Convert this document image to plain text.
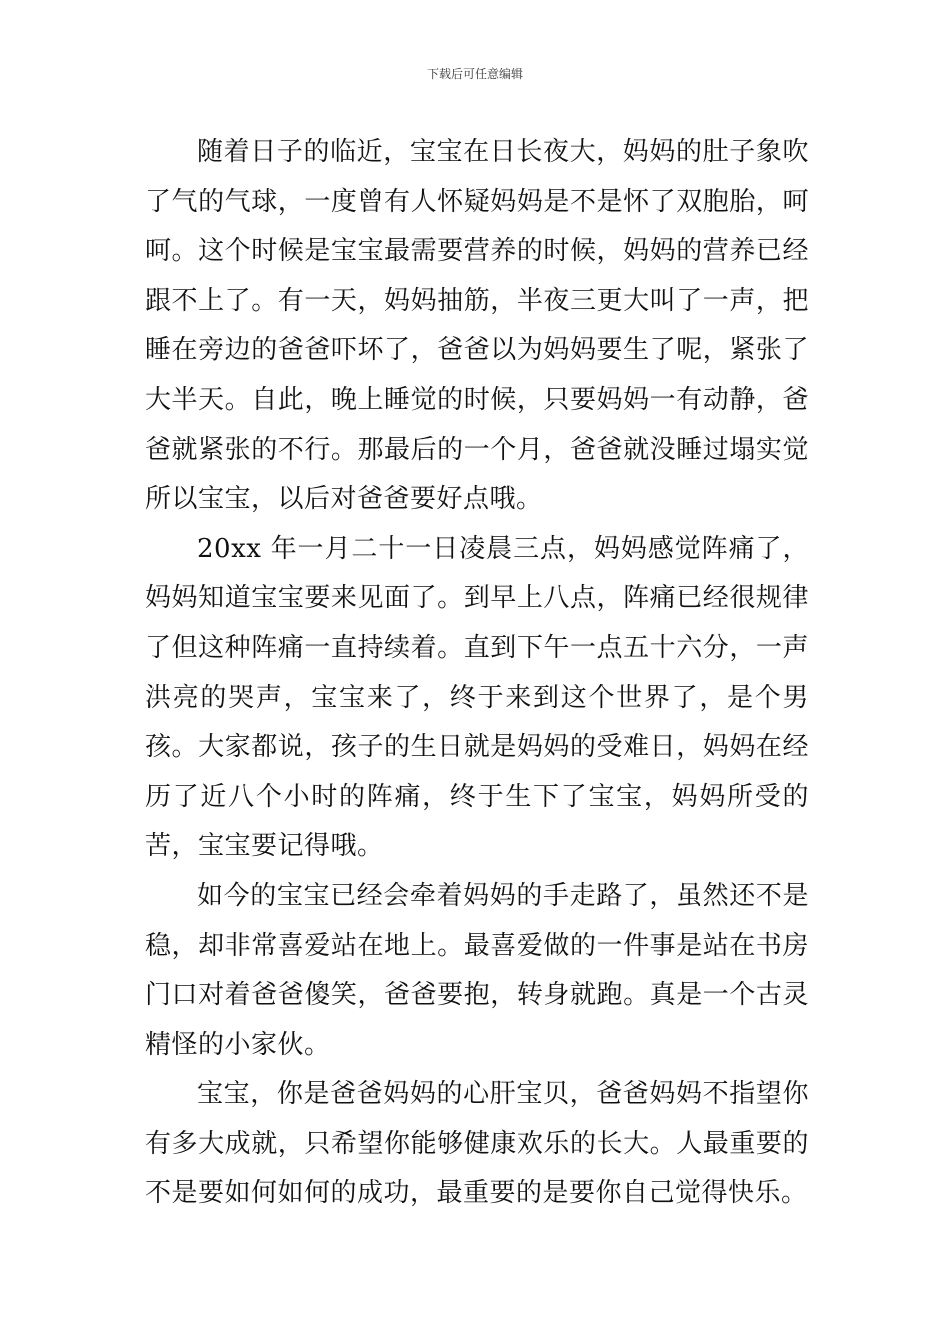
下载后可任意编辑

随着日子的临近，宝宝在日长夜大，妈妈的肚子象吹了气的气球，一度曾有人怀疑妈妈是不是怀了双胞胎，呵呵。这个时候是宝宝最需要营养的时候，妈妈的营养已经跟不上了。有一天，妈妈抽筋，半夜三更大叫了一声，把睡在旁边的爸爸吓坏了，爸爸以为妈妈要生了呢，紧张了大半天。自此，晚上睡觉的时候，只要妈妈一有动静，爸爸就紧张的不行。那最后的一个月，爸爸就没睡过塌实觉所以宝宝，以后对爸爸要好点哦。

20xx 年一月二十一日凌晨三点，妈妈感觉阵痛了，妈妈知道宝宝要来见面了。到早上八点，阵痛已经很规律了但这种阵痛一直持续着。直到下午一点五十六分，一声洪亮的哭声，宝宝来了，终于来到这个世界了，是个男孩。大家都说，孩子的生日就是妈妈的受难日，妈妈在经历了近八个小时的阵痛，终于生下了宝宝，妈妈所受的苦，宝宝要记得哦。

如今的宝宝已经会牵着妈妈的手走路了，虽然还不是稳，却非常喜爱站在地上。最喜爱做的一件事是站在书房门口对着爸爸傻笑，爸爸要抱，转身就跑。真是一个古灵精怪的小家伙。

宝宝，你是爸爸妈妈的心肝宝贝，爸爸妈妈不指望你有多大成就，只希望你能够健康欢乐的长大。人最重要的不是要如何如何的成功，最重要的是要你自己觉得快乐。
